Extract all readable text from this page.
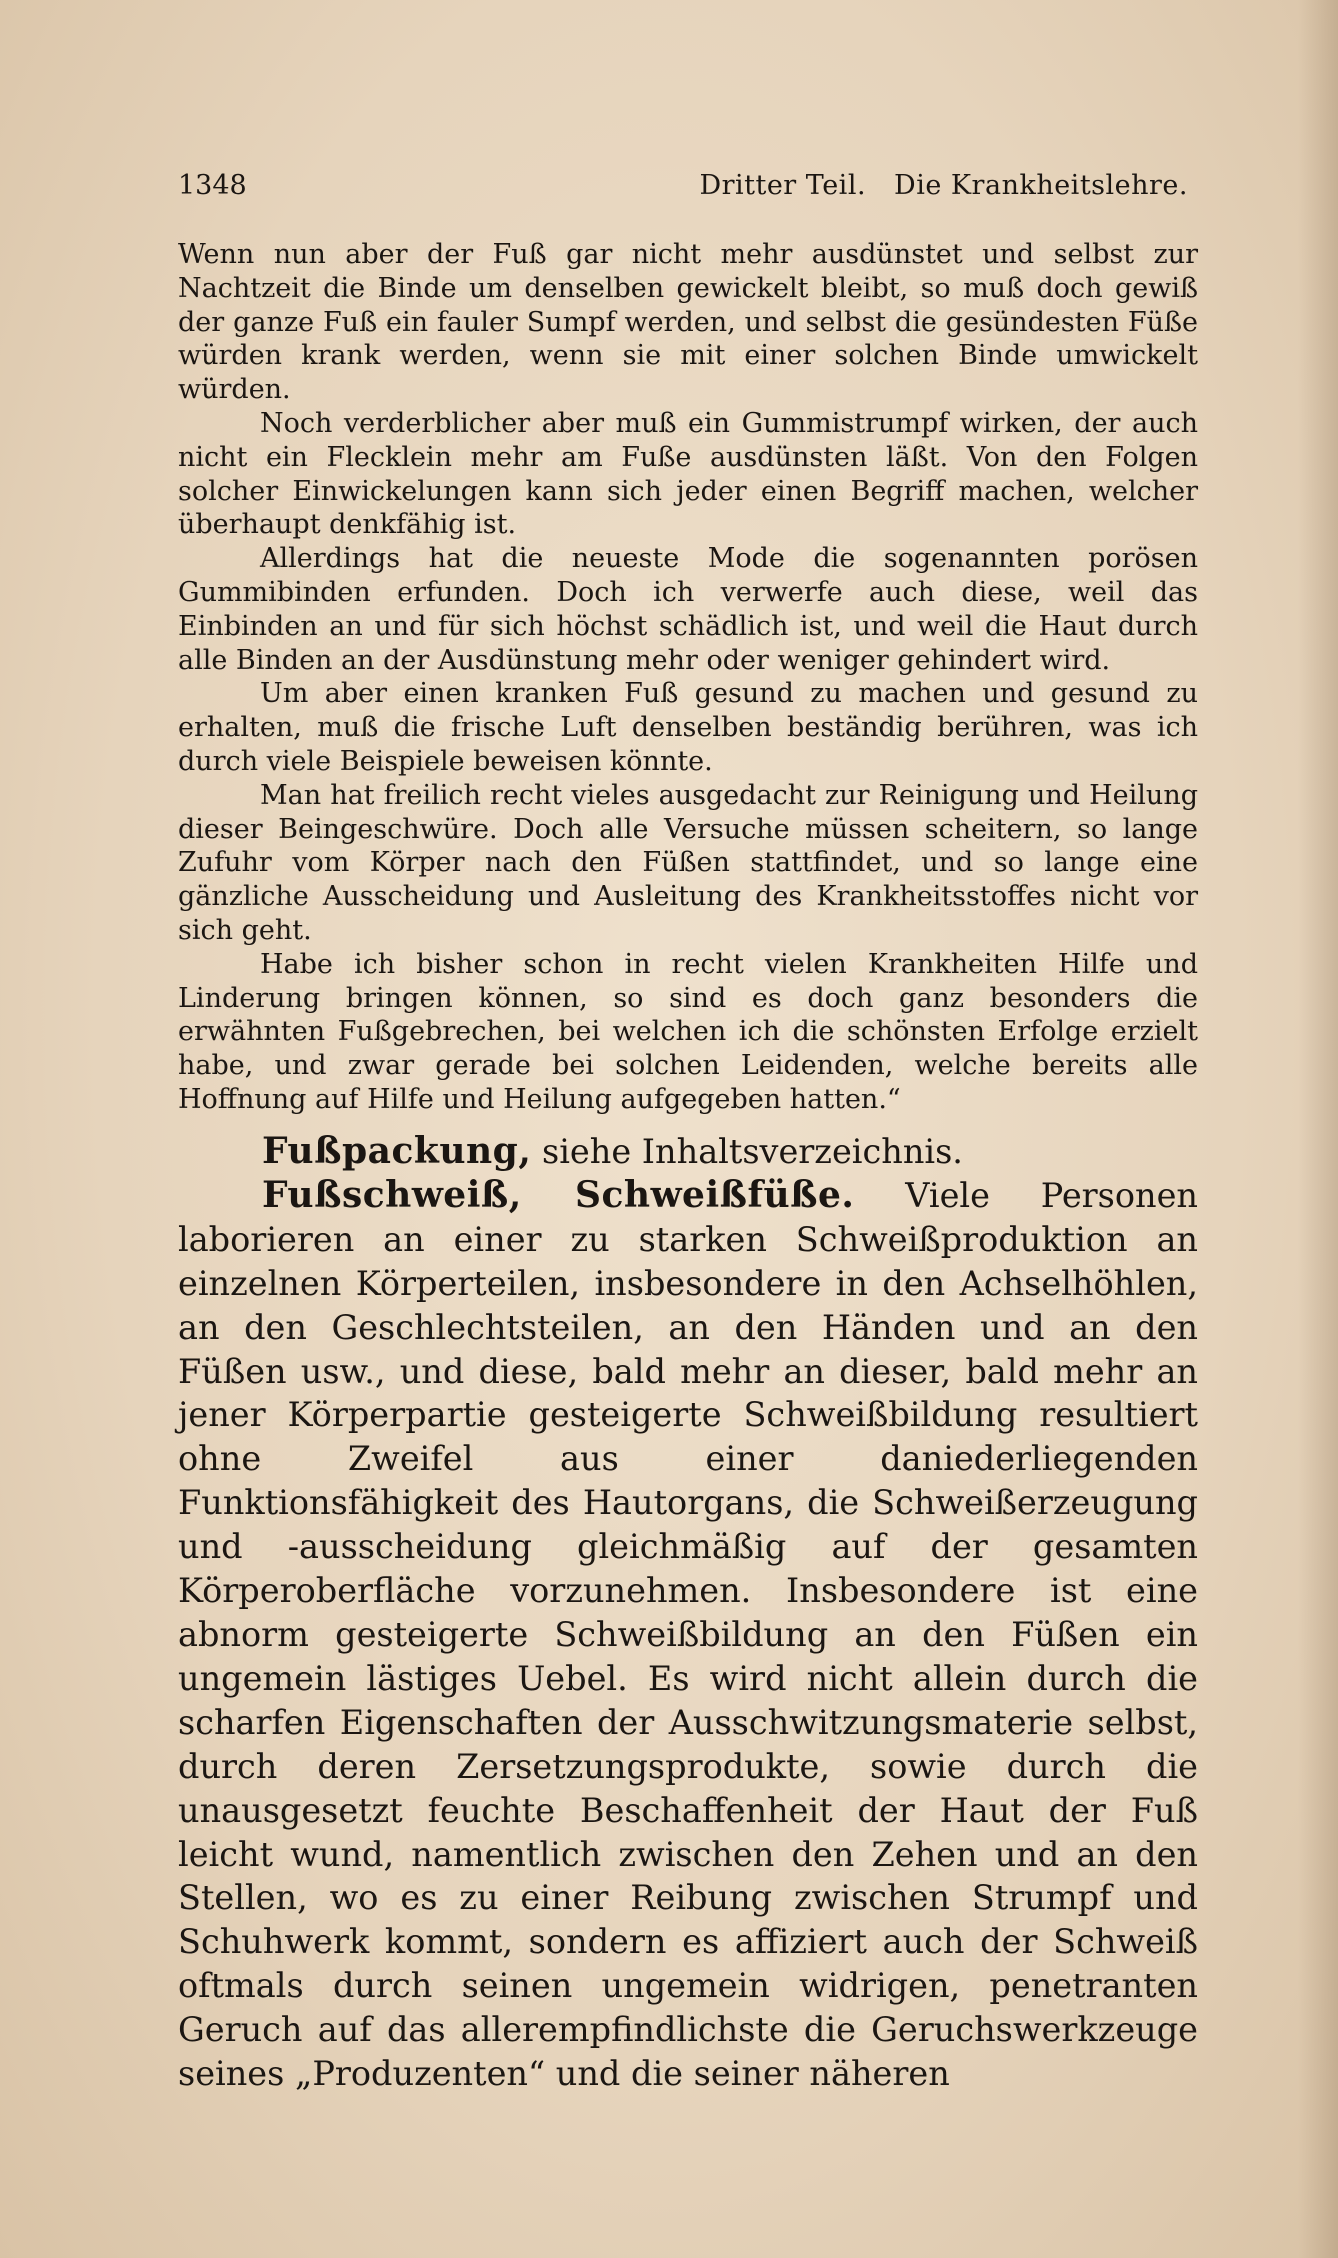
1348	Dritter Teil. Die Krankheitslehre.

Wenn nun aber der Fuß gar nicht mehr ausdünstet und selbst zur Nachtzeit die Binde um denselben gewickelt bleibt, so muß doch gewiß der ganze Fuß ein fauler Sumpf werden, und selbst die gesündesten Füße würden krank werden, wenn sie mit einer solchen Binde umwickelt würden.

Noch verderblicher aber muß ein Gummistrumpf wirken, der auch nicht ein Flecklein mehr am Fuße ausdünsten läßt. Von den Folgen solcher Einwickelungen kann sich jeder einen Begriff machen, welcher überhaupt denkfähig ist.

Allerdings hat die neueste Mode die sogenannten porösen Gummibinden erfunden. Doch ich verwerfe auch diese, weil das Einbinden an und für sich höchst schädlich ist, und weil die Haut durch alle Binden an der Ausdünstung mehr oder weniger gehindert wird.

Um aber einen kranken Fuß gesund zu machen und gesund zu erhalten, muß die frische Luft denselben beständig berühren, was ich durch viele Beispiele beweisen könnte.

Man hat freilich recht vieles ausgedacht zur Reinigung und Heilung dieser Beingeschwüre. Doch alle Versuche müssen scheitern, so lange Zufuhr vom Körper nach den Füßen stattfindet, und so lange eine gänzliche Ausscheidung und Ausleitung des Krankheitsstoffes nicht vor sich geht.

Habe ich bisher schon in recht vielen Krankheiten Hilfe und Linderung bringen können, so sind es doch ganz besonders die erwähnten Fußgebrechen, bei welchen ich die schönsten Erfolge erzielt habe, und zwar gerade bei solchen Leidenden, welche bereits alle Hoffnung auf Hilfe und Heilung aufgegeben hatten.“

Fußpackung, siehe Inhaltsverzeichnis.

Fußschweiß, Schweißfüße. Viele Personen laborieren an einer zu starken Schweißproduktion an einzelnen Körperteilen, insbesondere in den Achselhöhlen, an den Geschlechtsteilen, an den Händen und an den Füßen usw., und diese, bald mehr an dieser, bald mehr an jener Körperpartie gesteigerte Schweißbildung resultiert ohne Zweifel aus einer daniederliegenden Funktionsfähigkeit des Hautorgans, die Schweißerzeugung und -ausscheidung gleichmäßig auf der gesamten Körperoberfläche vorzunehmen. Insbesondere ist eine abnorm gesteigerte Schweißbildung an den Füßen ein ungemein lästiges Uebel. Es wird nicht allein durch die scharfen Eigenschaften der Ausschwitzungsmaterie selbst, durch deren Zersetzungsprodukte, sowie durch die unausgesetzt feuchte Beschaffenheit der Haut der Fuß leicht wund, namentlich zwischen den Zehen und an den Stellen, wo es zu einer Reibung zwischen Strumpf und Schuhwerk kommt, sondern es affiziert auch der Schweiß oftmals durch seinen ungemein widrigen, penetranten Geruch auf das allerempfindlichste die Geruchswerkzeuge seines „Produzenten“ und die seiner näheren
